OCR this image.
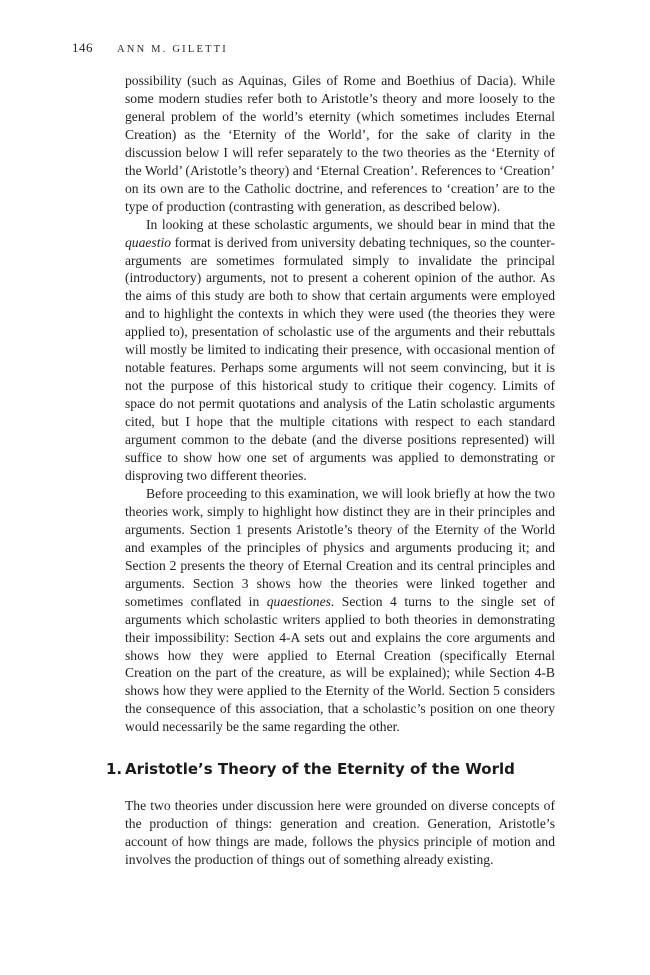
146 ANN M. GILETTI

possibility (such as Aquinas, Giles of Rome and Boethius of Dacia). While some modern studies refer both to Aristotle’s theory and more loosely to the general problem of the world’s eternity (which sometimes includes Eternal Creation) as the ‘Eternity of the World’, for the sake of clarity in the discussion below I will refer separately to the two theories as the ‘Eternity of the World’ (Aristotle’s theory) and ‘Eternal Creation’. References to ‘Creation’ on its own are to the Catholic doctrine, and references to ‘creation’ are to the type of production (contrasting with generation, as described below).

In looking at these scholastic arguments, we should bear in mind that the quaestio format is derived from university debating techniques, so the counter-arguments are sometimes formulated simply to invalidate the principal (introductory) arguments, not to present a coherent opinion of the author. As the aims of this study are both to show that certain arguments were employed and to highlight the contexts in which they were used (the theories they were applied to), presentation of scholastic use of the arguments and their rebuttals will mostly be limited to indicating their presence, with occasional mention of notable features. Perhaps some arguments will not seem convincing, but it is not the purpose of this historical study to critique their cogency. Limits of space do not permit quotations and analysis of the Latin scholastic arguments cited, but I hope that the multiple citations with respect to each standard argument common to the debate (and the diverse positions represented) will suffice to show how one set of arguments was applied to demonstrating or disproving two different theories.

Before proceeding to this examination, we will look briefly at how the two theories work, simply to highlight how distinct they are in their principles and arguments. Section 1 presents Aristotle’s theory of the Eternity of the World and examples of the principles of physics and arguments producing it; and Section 2 presents the theory of Eternal Creation and its central principles and arguments. Section 3 shows how the theories were linked together and sometimes conflated in quaestiones. Section 4 turns to the single set of arguments which scholastic writers applied to both theories in demonstrating their impossibility: Section 4-A sets out and explains the core arguments and shows how they were applied to Eternal Creation (specifically Eternal Creation on the part of the creature, as will be explained); while Section 4-B shows how they were applied to the Eternity of the World. Section 5 considers the consequence of this association, that a scholastic’s position on one theory would necessarily be the same regarding the other.

1. Aristotle’s Theory of the Eternity of the World

The two theories under discussion here were grounded on diverse concepts of the production of things: generation and creation. Generation, Aristotle’s account of how things are made, follows the physics principle of motion and involves the production of things out of something already existing.
